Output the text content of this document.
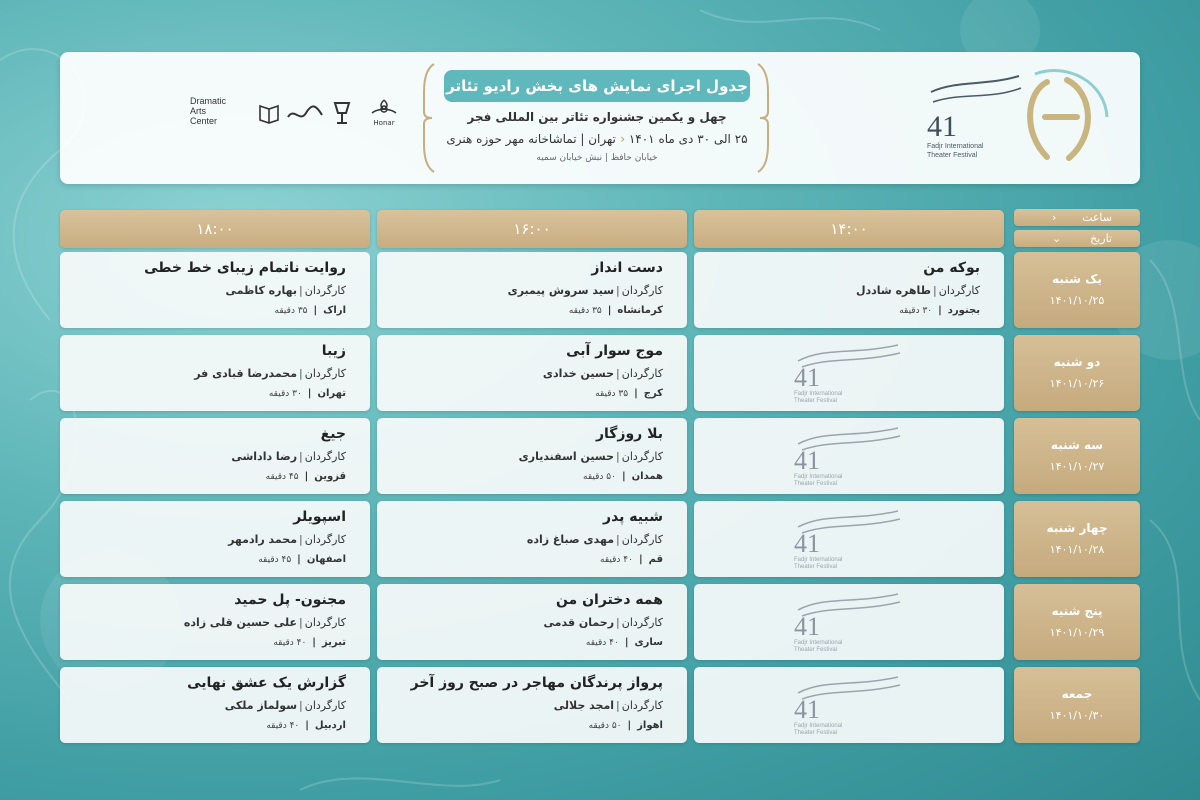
41
Fadjr International
Theater Festival
جدول اجرای نمایش های بخش رادیو تئاتر
چهل و یکمین جشنواره تئاتر بین المللی فجر
۲۵ الی ۳۰ دی ماه ۱۴۰۱ ‹ تهران | تماشاخانه مهر حوزه هنری
خیابان حافظ | نبش خیابان سمیه
Dramatic
Arts
Center	Honar
۱۴:۰۰
۱۶:۰۰
۱۸:۰۰
› ساعت
⌄	تاریخ
یک شنبه
۱۴۰۱/۱۰/۲۵
بوکه من
کارگردان|طاهره شاددل
بجنورد|۳۰ دقیقه
دست انداز
کارگردان|سید سروش پیمبری
کرمانشاه|۳۵ دقیقه
روایت ناتمام زیبای خط خطی
کارگردان|بهاره کاظمی
اراک|۳۵ دقیقه
دو شنبه
۱۴۰۱/۱۰/۲۶
41
Fadjr International
Theater Festival
موج سوار آبی
کارگردان|حسین خدادی
کرج|۳۵ دقیقه
زیبا
کارگردان|محمدرضا قبادی فر
تهران|۳۰ دقیقه
سه شنبه
۱۴۰۱/۱۰/۲۷
41
Fadjr International
Theater Festival
بلا روزگار
کارگردان|حسین اسفندیاری
همدان|۵۰ دقیقه
جیغ
کارگردان|رضا داداشی
قزوین|۴۵ دقیقه
چهار شنبه
۱۴۰۱/۱۰/۲۸
41
Fadjr International
Theater Festival
شبیه پدر
کارگردان|مهدی صباغ زاده
قم|۴۰ دقیقه
اسپویلر
کارگردان|محمد رادمهر
اصفهان|۴۵ دقیقه
پنج شنبه
۱۴۰۱/۱۰/۲۹
41
Fadjr International
Theater Festival
همه دختران من
کارگردان|رحمان قدمی
ساری|۴۰ دقیقه
مجنون- پل حمید
کارگردان|علی حسین قلی زاده
تبریز|۴۰ دقیقه
جمعه
۱۴۰۱/۱۰/۳۰
41
Fadjr International
Theater Festival
پرواز پرندگان مهاجر در صبح روز آخر
کارگردان|امجد جلالی
اهواز|۵۰ دقیقه
گزارش یک عشق نهایی
کارگردان|سولماز ملکی
اردبیل|۴۰ دقیقه
